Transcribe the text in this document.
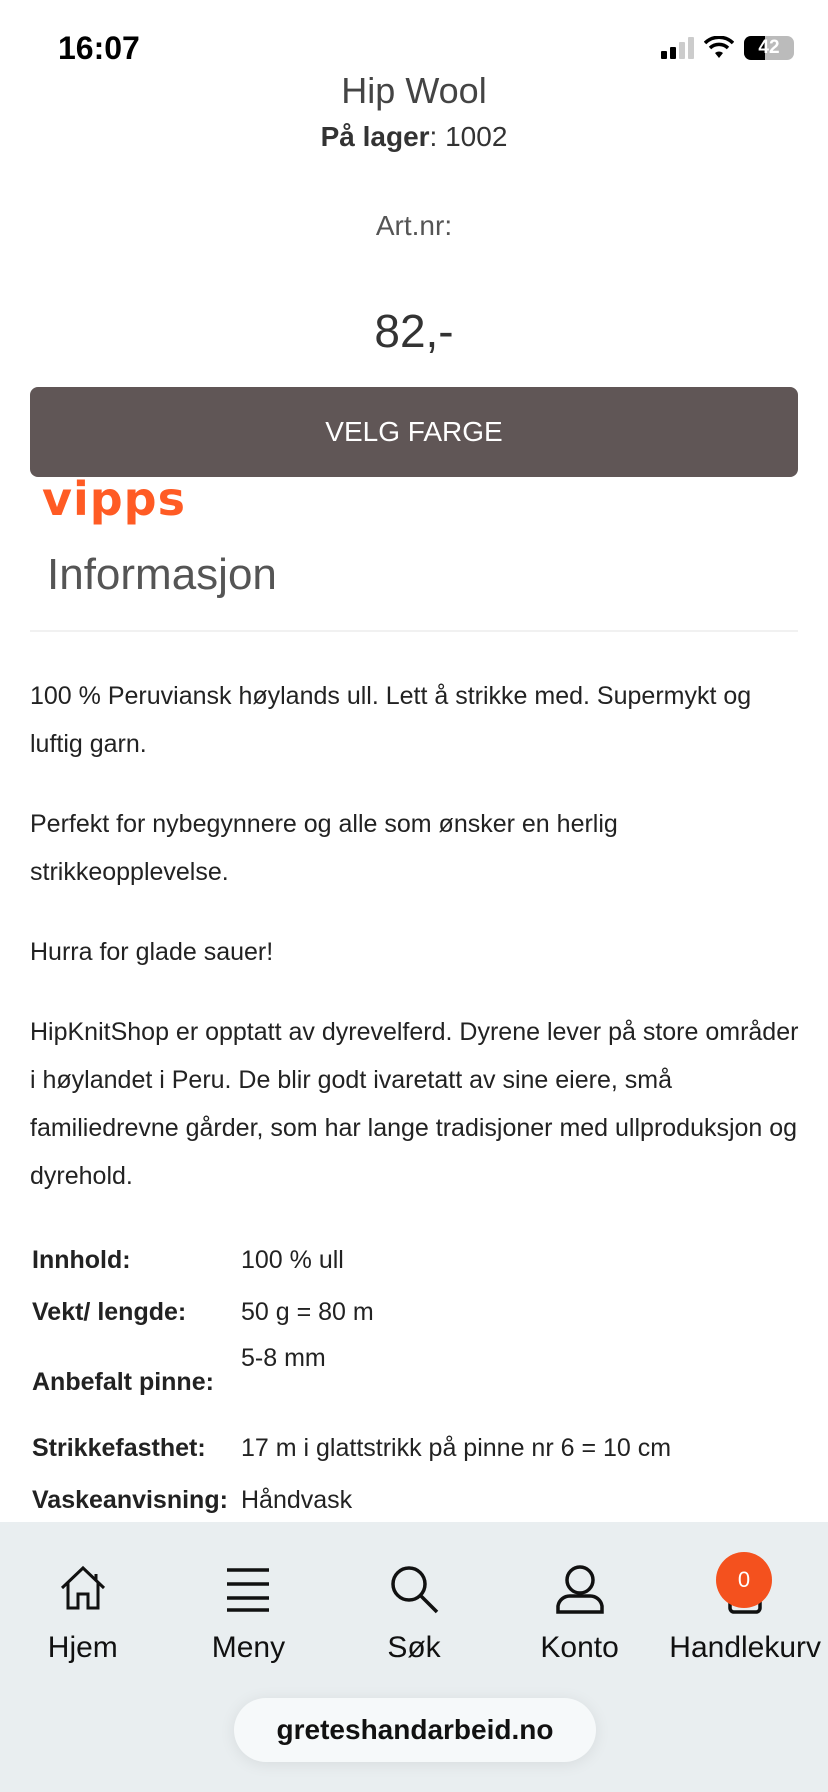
16:07	42
Hip Wool
På lager: 1002
Art.nr:
82,-
VELG FARGE
vipps
Informasjon

100 % Peruviansk høylands ull. Lett å strikke med. Supermykt og luftig garn.

Perfekt for nybegynnere og alle som ønsker en herlig strikkeopplevelse.

Hurra for glade sauer!

HipKnitShop er opptatt av dyrevelferd. Dyrene lever på store områder i høylandet i Peru. De blir godt ivaretatt av sine eiere, små familiedrevne gårder, som har lange tradisjoner med ullproduksjon og dyrehold.

Innhold:	100 % ull
Vekt/ lengde:	50 g = 80 m
Anbefalt pinne:
5-8 mm
Strikkefasthet:	17 m i glattstrikk på pinne nr 6 = 10 cm
Vaskeanvisning: Håndvask
Hjem	Meny	Søk	Konto	Handlekurv
0
greteshandarbeid.no
